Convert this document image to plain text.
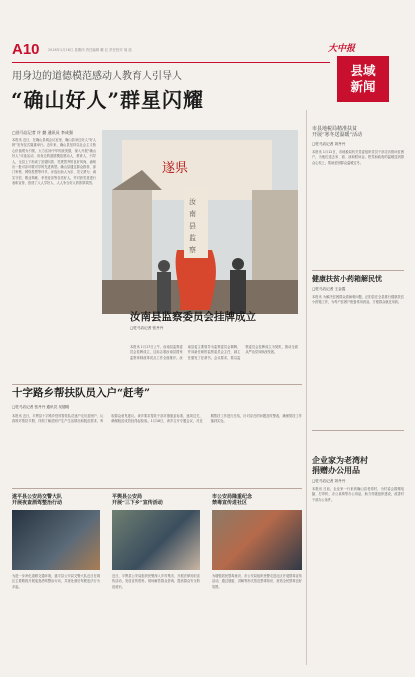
A10 2018年1月18日 星期四 责任编辑 戴 红 责任校对 闻 道	大中报
县域
新闻
用身边的道德模范感动人教育人引导人
“确山好人”群星闪耀
□驻马店记者 许 勤 通讯员 李成强
本报讯 近日，在确山县城会议室里，确山县身边好人“好人榜”发布仪式隆重举行。近年来，确山县坚持以社会主义核心价值观为引领，大力弘扬中华传统美德，深入开展“确山好人”评选活动，用身边的道德模范感动人、教育人、引导人，全县上下形成了崇德向善、见贤思齐的良好风尚，涌现出一批可亲可敬可学的先进典型。确山县通过群众推荐、部门审核、网络投票等环节，评选出助人为乐、见义勇为、诚实守信、敬业奉献、孝老爱亲等各类好人，并对获奖者进行表彰宣传，营造了人人学好人、人人争当好人的浓厚氛围。
遂県
汝
南
县
监
察
汝南县监察委员会挂牌成立
□驻马店记者 张丹丹
本报讯 1月17日上午，汝南县监察委员会挂牌成立，这标志着汝南县国家监察体制改革试点工作全面推开。汝南县委主要领导为监察委员会揭牌，并向新任职的监察委员会主任、副主任颁发了任命书。会议要求，要以监察委员会挂牌成立为契机，推动全面从严治党向纵深发展。
十字路乡帮扶队员入户“赶考”
□驻马店记者 张丹丹 通讯员 吴德刚
本报讯 近日，平舆县十字路乡驻村帮扶队员逐户走访贫困户，认真核对帮扶手册，详细了解贫困户生产生活情况和脱贫需求，听取群众意见建议。该乡要求帮扶干部对照脱贫标准，逐项过关，确保脱贫成效经得起检验。1月18日，该乡召开专题会议，对近期帮扶工作进行总结，针对存在的问题及时整改，确保帮扶工作落到实处。
遂平县公安局交警大队
开展夜查酒驾整治行动
为进一步净化道路交通环境，遂平县公安局交警大队近日在城区主要路段开展夜查酒驾整治行动，共查处酒后驾驶违法行为多起。
平舆县公安局
开展“三下乡”宣传活动
近日，平舆县公安局组织民警深入乡村集市，开展法律知识宣传活动，发放宣传资料，现场解答群众咨询，提高群众安全防范意识。
市公安局隆重纪念
禁毒宣传进社区
为增强居民禁毒意识，市公安局组织民警走进社区开展禁毒宣传活动，通过展板、讲解等形式普及禁毒知识，营造全民禁毒良好氛围。
市县地税局精准扶贫
开展“寒冬送温暖”活动
□驻马店记者 刘丹丹
本报讯 1月12日，市地税局机关党委组织党员干部走访慰问贫困户，为他们送去米、面、油和慰问金，把党和政府的温暖送到群众心坎上，帮助贫困群众温暖过冬。
健康扶贫小药箱解民忧
□驻马店记者 王金霞
本报讯 为解决贫困群众看病难问题，正阳县在全县推行健康扶贫小药箱工作，为每户贫困户配备常用药品，方便群众就近用药。
企业家为老湾村
捐赠办公用品
□驻马店记者 刘丹丹
本报讯 日前，企业家一行来到确山县老湾村，为村委会捐赠电脑、打印机、办公桌椅等办公用品，助力村级组织建设，改善村干部办公条件。
